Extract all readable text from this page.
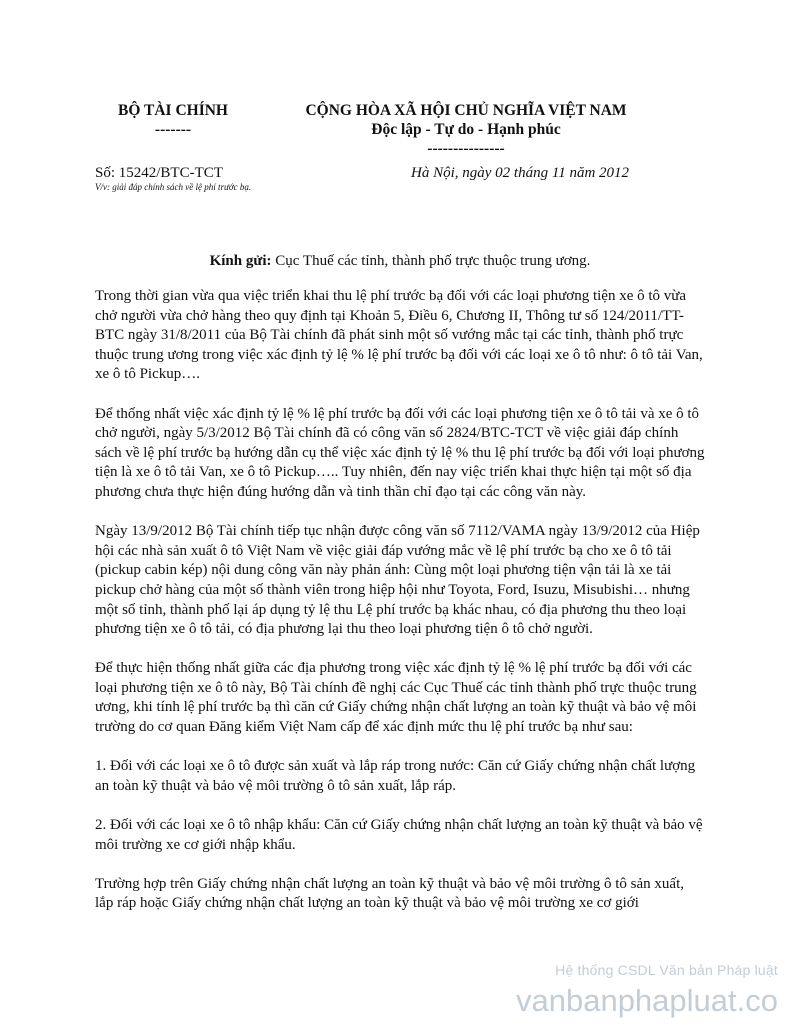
BỘ TÀI CHÍNH
-------
CỘNG HÒA XÃ HỘI CHỦ NGHĨA VIỆT NAM
Độc lập - Tự do - Hạnh phúc
---------------
Số: 15242/BTC-TCT
V/v: giải đáp chính sách về lệ phí trước bạ.
Hà Nội, ngày 02 tháng 11 năm 2012
Kính gửi: Cục Thuế các tỉnh, thành phố trực thuộc trung ương.

Trong thời gian vừa qua việc triển khai thu lệ phí trước bạ đối với các loại phương tiện xe ô tô vừa chở người vừa chở hàng theo quy định tại Khoản 5, Điều 6, Chương II, Thông tư số 124/2011/TT-BTC ngày 31/8/2011 của Bộ Tài chính đã phát sinh một số vướng mắc tại các tỉnh, thành phố trực thuộc trung ương trong việc xác định tỷ lệ % lệ phí trước bạ đối với các loại xe ô tô như: ô tô tải Van, xe ô tô Pickup….

Để thống nhất việc xác định tỷ lệ % lệ phí trước bạ đối với các loại phương tiện xe ô tô tải và xe ô tô chở người, ngày 5/3/2012 Bộ Tài chính đã có công văn số 2824/BTC-TCT về việc giải đáp chính sách về lệ phí trước bạ hướng dẫn cụ thể việc xác định tỷ lệ % thu lệ phí trước bạ đối với loại phương tiện là xe ô tô tải Van, xe ô tô Pickup….. Tuy nhiên, đến nay việc triển khai thực hiện tại một số địa phương chưa thực hiện đúng hướng dẫn và tinh thần chỉ đạo tại các công văn này.

Ngày 13/9/2012 Bộ Tài chính tiếp tục nhận được công văn số 7112/VAMA ngày 13/9/2012 của Hiệp hội các nhà sản xuất ô tô Việt Nam về việc giải đáp vướng mắc về lệ phí trước bạ cho xe ô tô tải (pickup cabin kép) nội dung công văn này phản ánh: Cùng một loại phương tiện vận tải là xe tải pickup chở hàng của một số thành viên trong hiệp hội như Toyota, Ford, Isuzu, Misubishi… nhưng một số tỉnh, thành phố lại áp dụng tỷ lệ thu Lệ phí trước bạ khác nhau, có địa phương thu theo loại phương tiện xe ô tô tải, có địa phương lại thu theo loại phương tiện ô tô chở người.

Để thực hiện thống nhất giữa các địa phương trong việc xác định tỷ lệ % lệ phí trước bạ đối với các loại phương tiện xe ô tô này, Bộ Tài chính đề nghị các Cục Thuế các tỉnh thành phố trực thuộc trung ương, khi tính lệ phí trước bạ thì căn cứ Giấy chứng nhận chất lượng an toàn kỹ thuật và bảo vệ môi trường do cơ quan Đăng kiểm Việt Nam cấp để xác định mức thu lệ phí trước bạ như sau:

1. Đối với các loại xe ô tô được sản xuất và lắp ráp trong nước: Căn cứ Giấy chứng nhận chất lượng an toàn kỹ thuật và bảo vệ môi trường ô tô sản xuất, lắp ráp.

2. Đối với các loại xe ô tô nhập khẩu: Căn cứ Giấy chứng nhận chất lượng an toàn kỹ thuật và bảo vệ môi trường xe cơ giới nhập khẩu.

Trường hợp trên Giấy chứng nhận chất lượng an toàn kỹ thuật và bảo vệ môi trường ô tô sản xuất, lắp ráp hoặc Giấy chứng nhận chất lượng an toàn kỹ thuật và bảo vệ môi trường xe cơ giới

Hệ thống CSDL Văn bản Pháp luật
vanbanphapluat.co
